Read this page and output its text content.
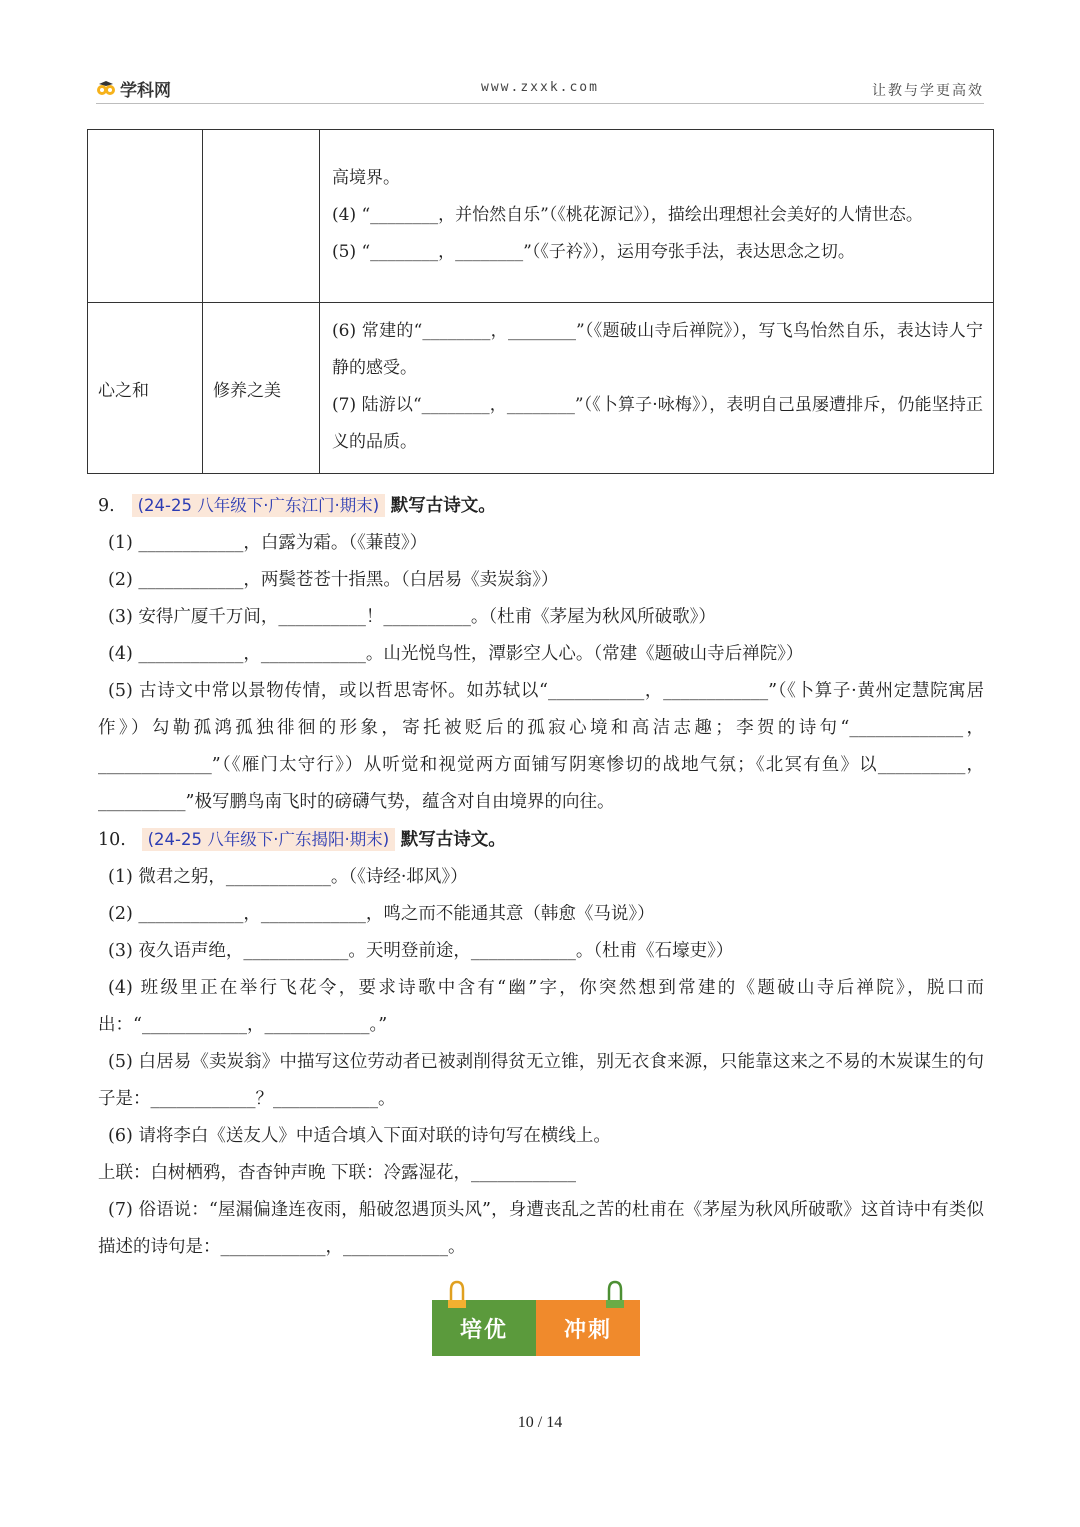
学科网	www.zxxk.com	让教与学更高效

		高境界。
(4) “________，并怡然自乐”（《桃花源记》），描绘出理想社会美好的人情世态。
(5) “________，________”（《子衿》），运用夸张手法，表达思念之切。

心之和	修养之美	(6) 常建的“________，________”（《题破山寺后禅院》），写飞鸟怡然自乐，表达诗人宁静的感受。
(7) 陆游以“________，________”（《卜算子·咏梅》），表明自己虽屡遭排斥，仍能坚持正义的品质。
9. (24-25 八年级下·广东江门·期末) 默写古诗文。
(1) ____________，白露为霜。（《蒹葭》）
(2) ____________，两鬓苍苍十指黑。（白居易《卖炭翁》）
(3) 安得广厦千万间，__________！__________。（杜甫《茅屋为秋风所破歌》）
(4) ____________，____________。山光悦鸟性，潭影空人心。（常建《题破山寺后禅院》）
(5) 古诗文中常以景物传情，或以哲思寄怀。如苏轼以“___________，____________”（《卜算子·黄州定慧院寓居作》）勾勒孤鸿孤独徘徊的形象，寄托被贬后的孤寂心境和高洁志趣；李贺的诗句“_____________，_____________”（《雁门太守行》）从听觉和视觉两方面铺写阴寒惨切的战地气氛；《北冥有鱼》以__________，__________”极写鹏鸟南飞时的磅礴气势，蕴含对自由境界的向往。
10. (24-25 八年级下·广东揭阳·期末) 默写古诗文。
(1) 微君之躬，____________。（《诗经·邶风》）
(2) ____________，____________，鸣之而不能通其意（韩愈《马说》）
(3) 夜久语声绝，____________。天明登前途，____________。（杜甫《石壕吏》）
(4) 班级里正在举行飞花令，要求诗歌中含有“幽”字，你突然想到常建的《题破山寺后禅院》，脱口而出：“____________，____________。”
(5) 白居易《卖炭翁》中描写这位劳动者已被剥削得贫无立锥，别无衣食来源，只能靠这来之不易的木炭谋生的句子是：____________？____________。
(6) 请将李白《送友人》中适合填入下面对联的诗句写在横线上。
上联：白树栖鸦，杳杳钟声晚 下联：冷露湿花，____________
(7) 俗语说：“屋漏偏逢连夜雨，船破忽遇顶头风”，身遭丧乱之苦的杜甫在《茅屋为秋风所破歌》这首诗中有类似描述的诗句是：____________，____________。
培优	冲刺
10 / 14
